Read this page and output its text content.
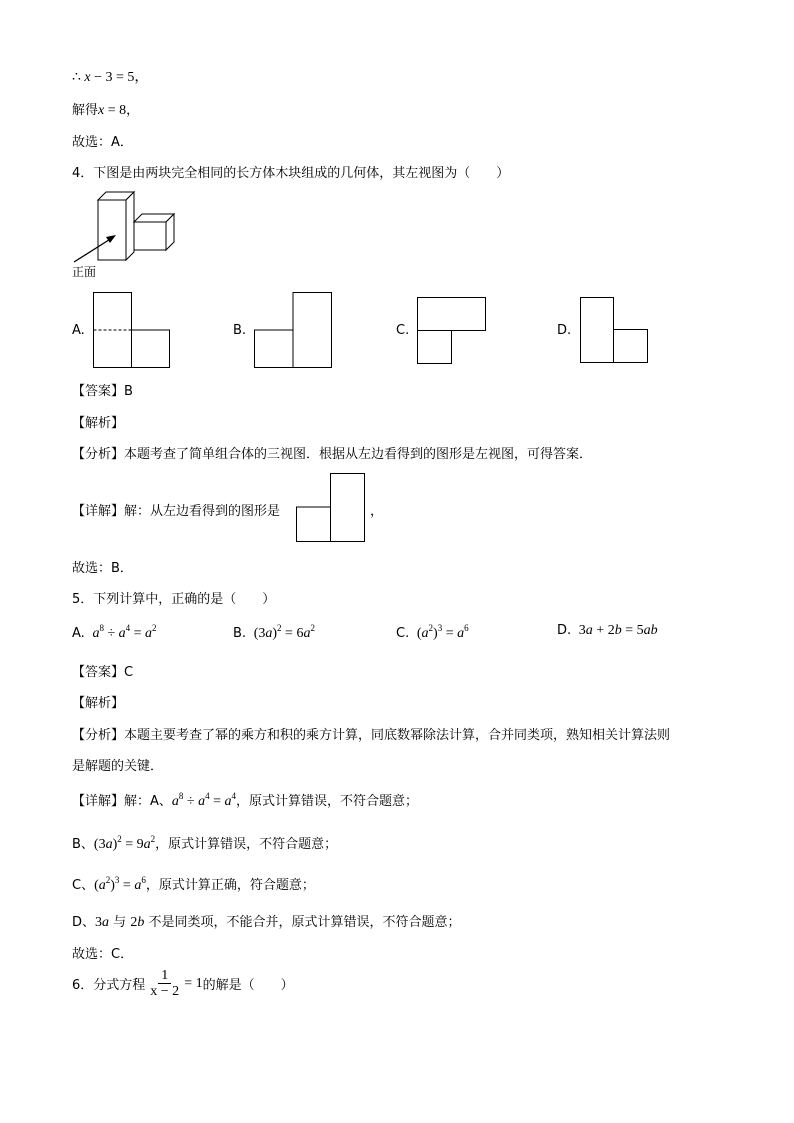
∴ x − 3 = 5，
解得x = 8，
故选：A．
4．下图是由两块完全相同的长方体木块组成的几何体，其左视图为（　　）
正面
A.	B.	C.	D.
【答案】B
【解析】
【分析】本题考查了简单组合体的三视图．根据从左边看得到的图形是左视图，可得答案．
【详解】解：从左边看得到的图形是	，
故选：B．
5．下列计算中，正确的是（　　）
A. $a^8 \div a^4 = a^2$	B.  $(3a)^2 = 6a^2$	C.  $(a^2)^3 = a^6$	D.  3a + 2b = 5ab
【答案】C
【解析】
【分析】本题主要考查了幂的乘方和积的乘方计算，同底数幂除法计算，合并同类项，熟知相关计算法则
是解题的关键．
【详解】解：A、$a^8 \div a^4 = a^4$，原式计算错误，不符合题意；
B、$(3a)^2 = 9a^2$，原式计算错误，不符合题意；
C、$(a^2)^3 = a^6$，原式计算正确，符合题意；
D、3a 与 2b 不是同类项，不能合并，原式计算错误，不符合题意；
故选：C．
6．分式方程 $\frac{1}{x - 2} = 1$ 的解是（　　）
